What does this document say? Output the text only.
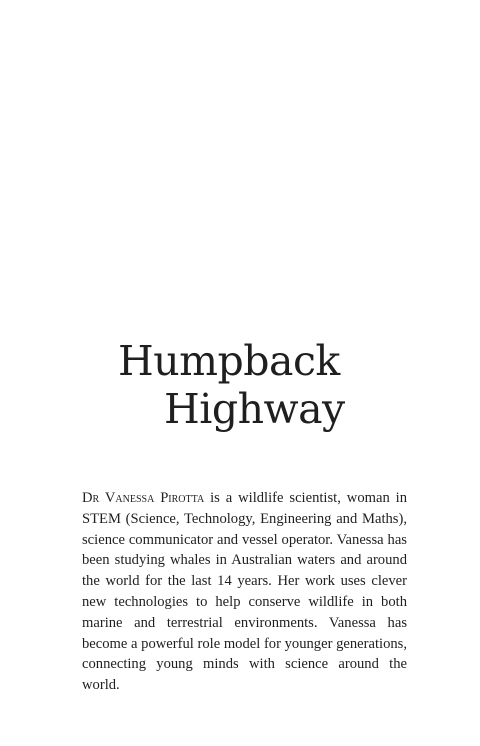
Humpback
Highway

Dr Vanessa Pirotta is a wildlife scientist, woman in STEM (Science, Technology, Engineering and Maths), science communicator and vessel operator. Vanessa has been studying whales in Australian waters and around the world for the last 14 years. Her work uses clever new technologies to help conserve wildlife in both marine and terrestrial environments. Vanessa has become a powerful role model for younger generations, connecting young minds with science around the world.
